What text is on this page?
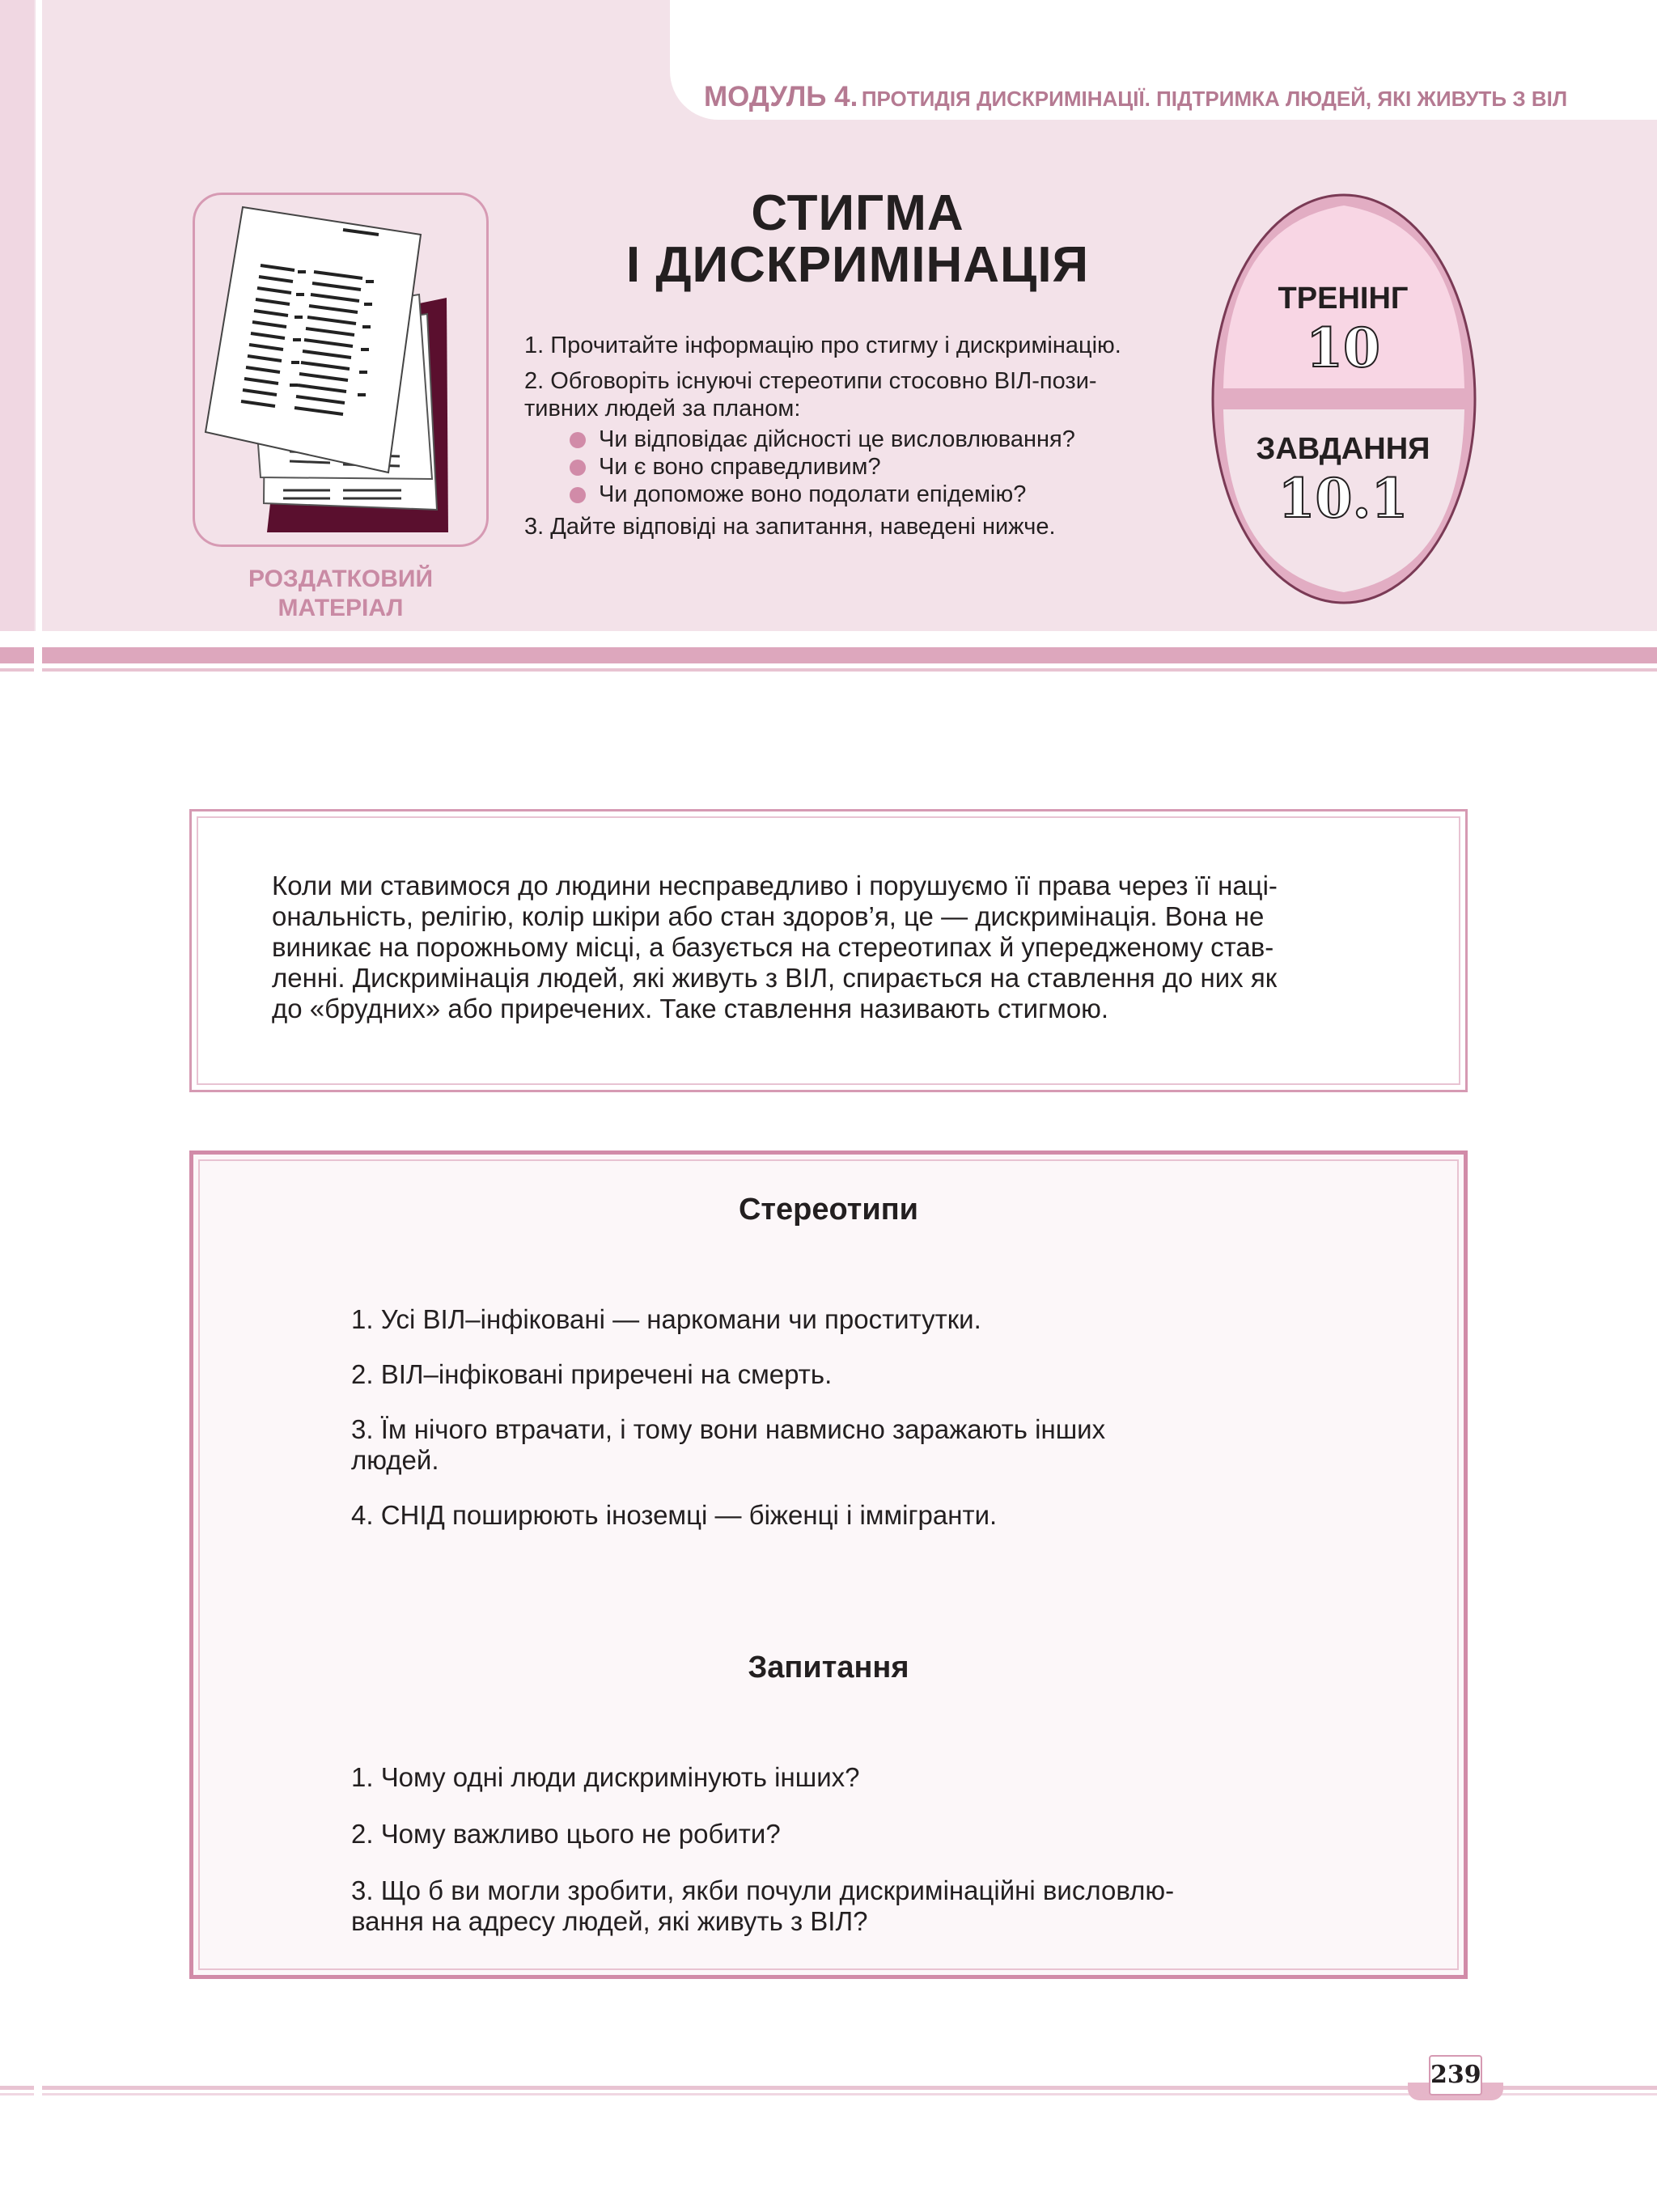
МОДУЛЬ 4. ПРОТИДІЯ ДИСКРИМІНАЦІЇ. ПІДТРИМКА ЛЮДЕЙ, ЯКІ ЖИВУТЬ З ВІЛ
РОЗДАТКОВИЙ
МАТЕРІАЛ
СТИГМА
І ДИСКРИМІНАЦІЯ

1. Прочитайте інформацію про стигму і дискримінацію.

2. Обговоріть існуючі стереотипи стосовно ВІЛ-пози-
тивних людей за планом:

Чи відповідає дійсності це висловлювання?
Чи є воно справедливим?
Чи допоможе воно подолати епідемію?

3. Дайте відповіді на запитання, наведені нижче.

ТРЕНІНГ
10
ЗАВДАННЯ
10.1
Коли ми ставимося до людини несправедливо і порушуємо її права через її наці-
ональність, релігію, колір шкіри або стан здоров’я, це — дискримінація. Вона не
виникає на порожньому місці, а базується на стереотипах й упередженому став-
ленні. Дискримінація людей, які живуть з ВІЛ, спирається на ставлення до них як
до «брудних» або приречених. Таке ставлення називають стигмою.
Стереотипи
1. Усі ВІЛ–інфіковані — наркомани чи проститутки.
2. ВІЛ–інфіковані приречені на смерть.
3. Їм нічого втрачати, і тому вони навмисно заражають інших
людей.
4. СНІД поширюють іноземці — біженці і іммігранти.
Запитання
1. Чому одні люди дискримінують інших?
2. Чому важливо цього не робити?
3. Що б ви могли зробити, якби почули дискримінаційні висловлю-
вання на адресу людей, які живуть з ВІЛ?
239
